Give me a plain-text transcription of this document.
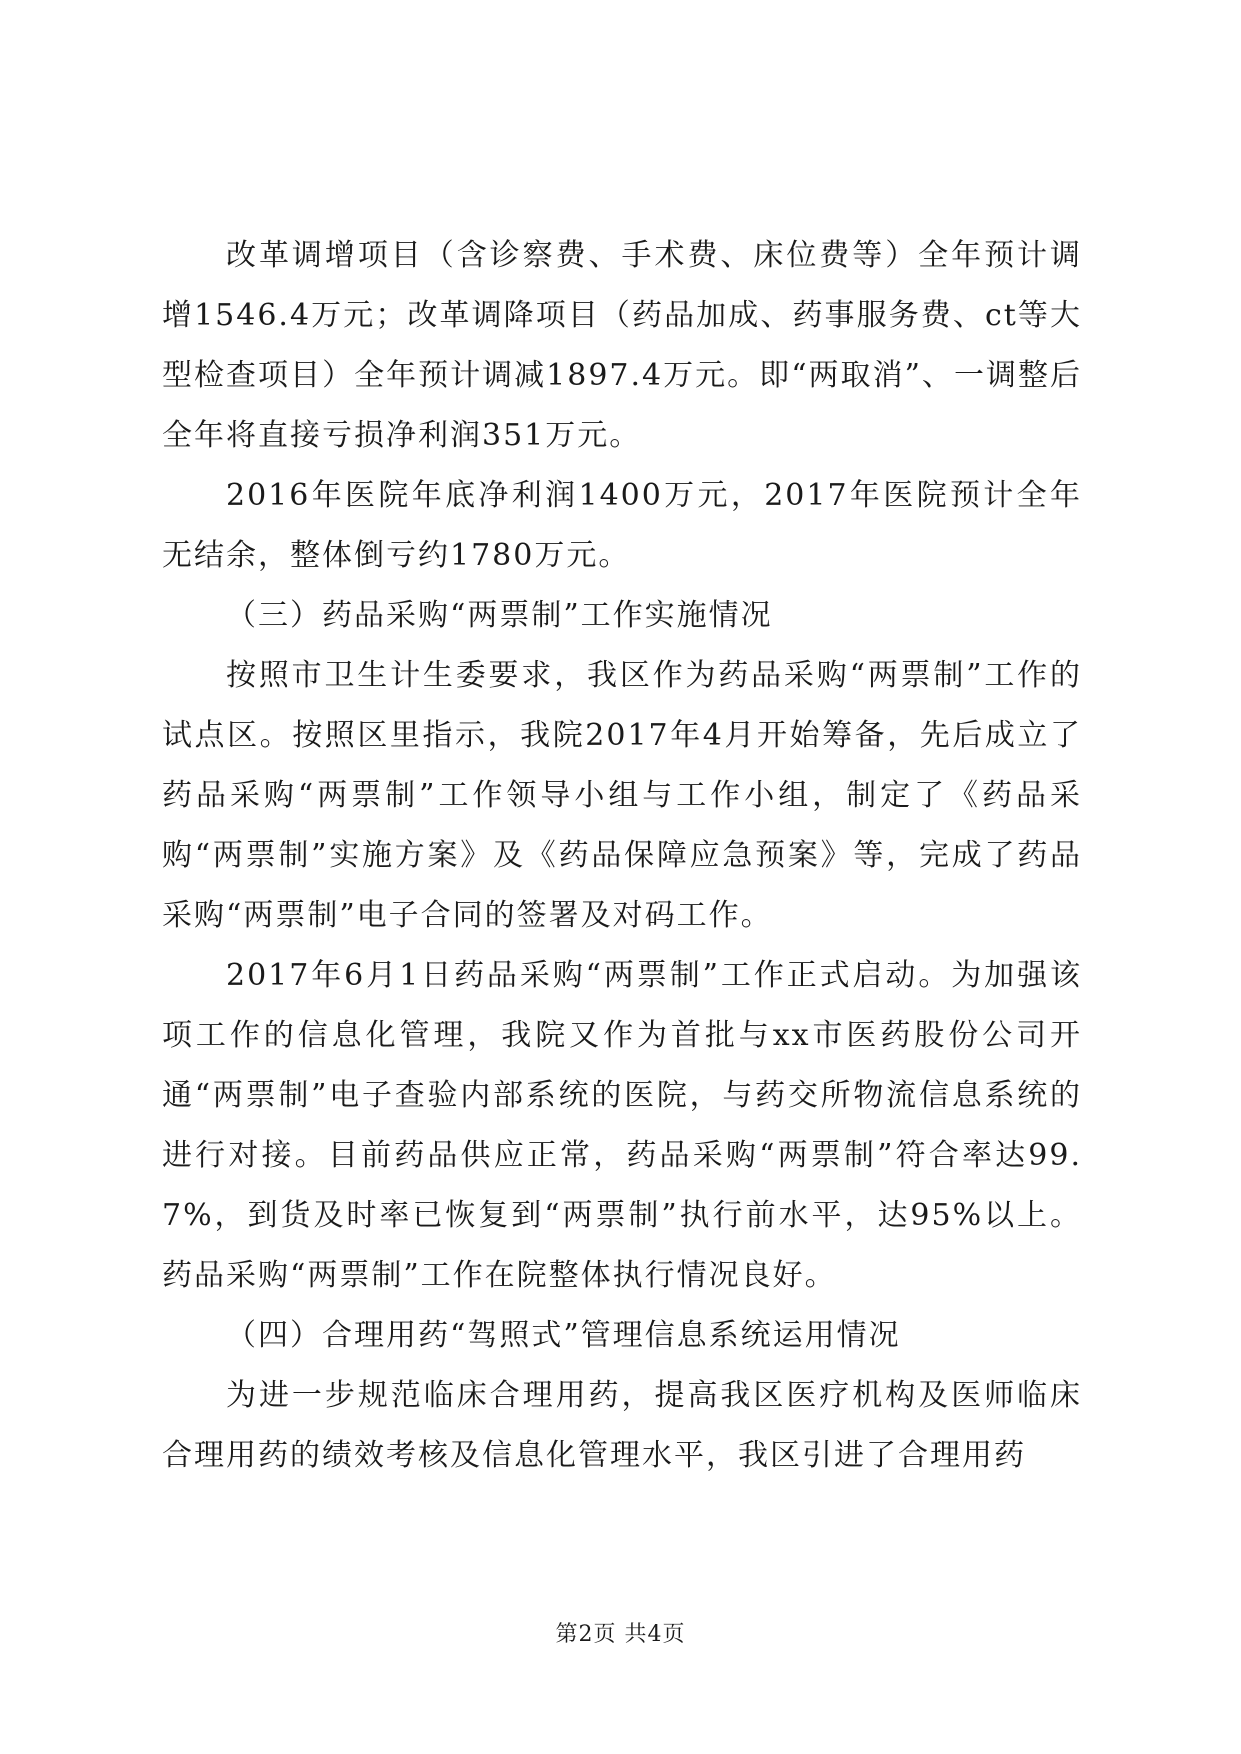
改革调增项目（含诊察费、手术费、床位费等）全年预计调增1546.4万元；改革调降项目（药品加成、药事服务费、ct等大型检查项目）全年预计调减1897.4万元。即“两取消”、一调整后全年将直接亏损净利润351万元。

2016年医院年底净利润1400万元，2017年医院预计全年无结余，整体倒亏约1780万元。

（三）药品采购“两票制”工作实施情况

按照市卫生计生委要求，我区作为药品采购“两票制”工作的试点区。按照区里指示，我院2017年4月开始筹备，先后成立了药品采购“两票制”工作领导小组与工作小组，制定了《药品采购“两票制”实施方案》及《药品保障应急预案》等，完成了药品采购“两票制”电子合同的签署及对码工作。

2017年6月1日药品采购“两票制”工作正式启动。为加强该项工作的信息化管理，我院又作为首批与xx市医药股份公司开通“两票制”电子查验内部系统的医院，与药交所物流信息系统的进行对接。目前药品供应正常，药品采购“两票制”符合率达99.7%，到货及时率已恢复到“两票制”执行前水平，达95%以上。药品采购“两票制”工作在院整体执行情况良好。

（四）合理用药“驾照式”管理信息系统运用情况

为进一步规范临床合理用药，提高我区医疗机构及医师临床合理用药的绩效考核及信息化管理水平，我区引进了合理用药

第2页 共4页
